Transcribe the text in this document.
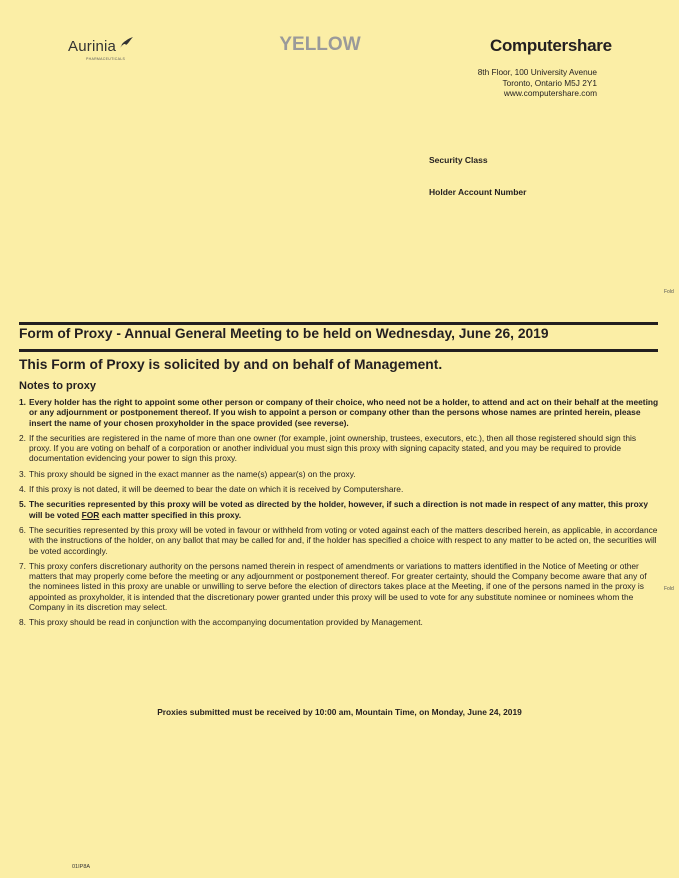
Aurinia
PHARMACEUTICALS
YELLOW	Computershare
8th Floor, 100 University Avenue
Toronto, Ontario M5J 2Y1
www.computershare.com
Security Class
Holder Account Number
Fold
Fold
Form of Proxy - Annual General Meeting to be held on Wednesday, June 26, 2019
This Form of Proxy is solicited by and on behalf of Management.
Notes to proxy
1. Every holder has the right to appoint some other person or company of their choice, who need not be a holder, to attend and act on their behalf at the meeting or any adjournment or postponement thereof. If you wish to appoint a person or company other than the persons whose names are printed herein, please insert the name of your chosen proxyholder in the space provided (see reverse).
2. If the securities are registered in the name of more than one owner (for example, joint ownership, trustees, executors, etc.), then all those registered should sign this proxy. If you are voting on behalf of a corporation or another individual you must sign this proxy with signing capacity stated, and you may be required to provide documentation evidencing your power to sign this proxy.
3. This proxy should be signed in the exact manner as the name(s) appear(s) on the proxy.
4. If this proxy is not dated, it will be deemed to bear the date on which it is received by Computershare.
5. The securities represented by this proxy will be voted as directed by the holder, however, if such a direction is not made in respect of any matter, this proxy will be voted FOR each matter specified in this proxy.
6. The securities represented by this proxy will be voted in favour or withheld from voting or voted against each of the matters described herein, as applicable, in accordance with the instructions of the holder, on any ballot that may be called for and, if the holder has specified a choice with respect to any matter to be acted on, the securities will be voted accordingly.
7. This proxy confers discretionary authority on the persons named therein in respect of amendments or variations to matters identified in the Notice of Meeting or other matters that may properly come before the meeting or any adjournment or postponement thereof. For greater certainty, should the Company become aware that any of the nominees listed in this proxy are unable or unwilling to serve before the election of directors takes place at the Meeting, if one of the persons named in the proxy is appointed as proxyholder, it is intended that the discretionary power granted under this proxy will be used to vote for any substitute nominee or nominees whom the Company in its discretion may select.
8. This proxy should be read in conjunction with the accompanying documentation provided by Management.
Proxies submitted must be received by 10:00 am, Mountain Time, on Monday, June 24, 2019
01IP8A
